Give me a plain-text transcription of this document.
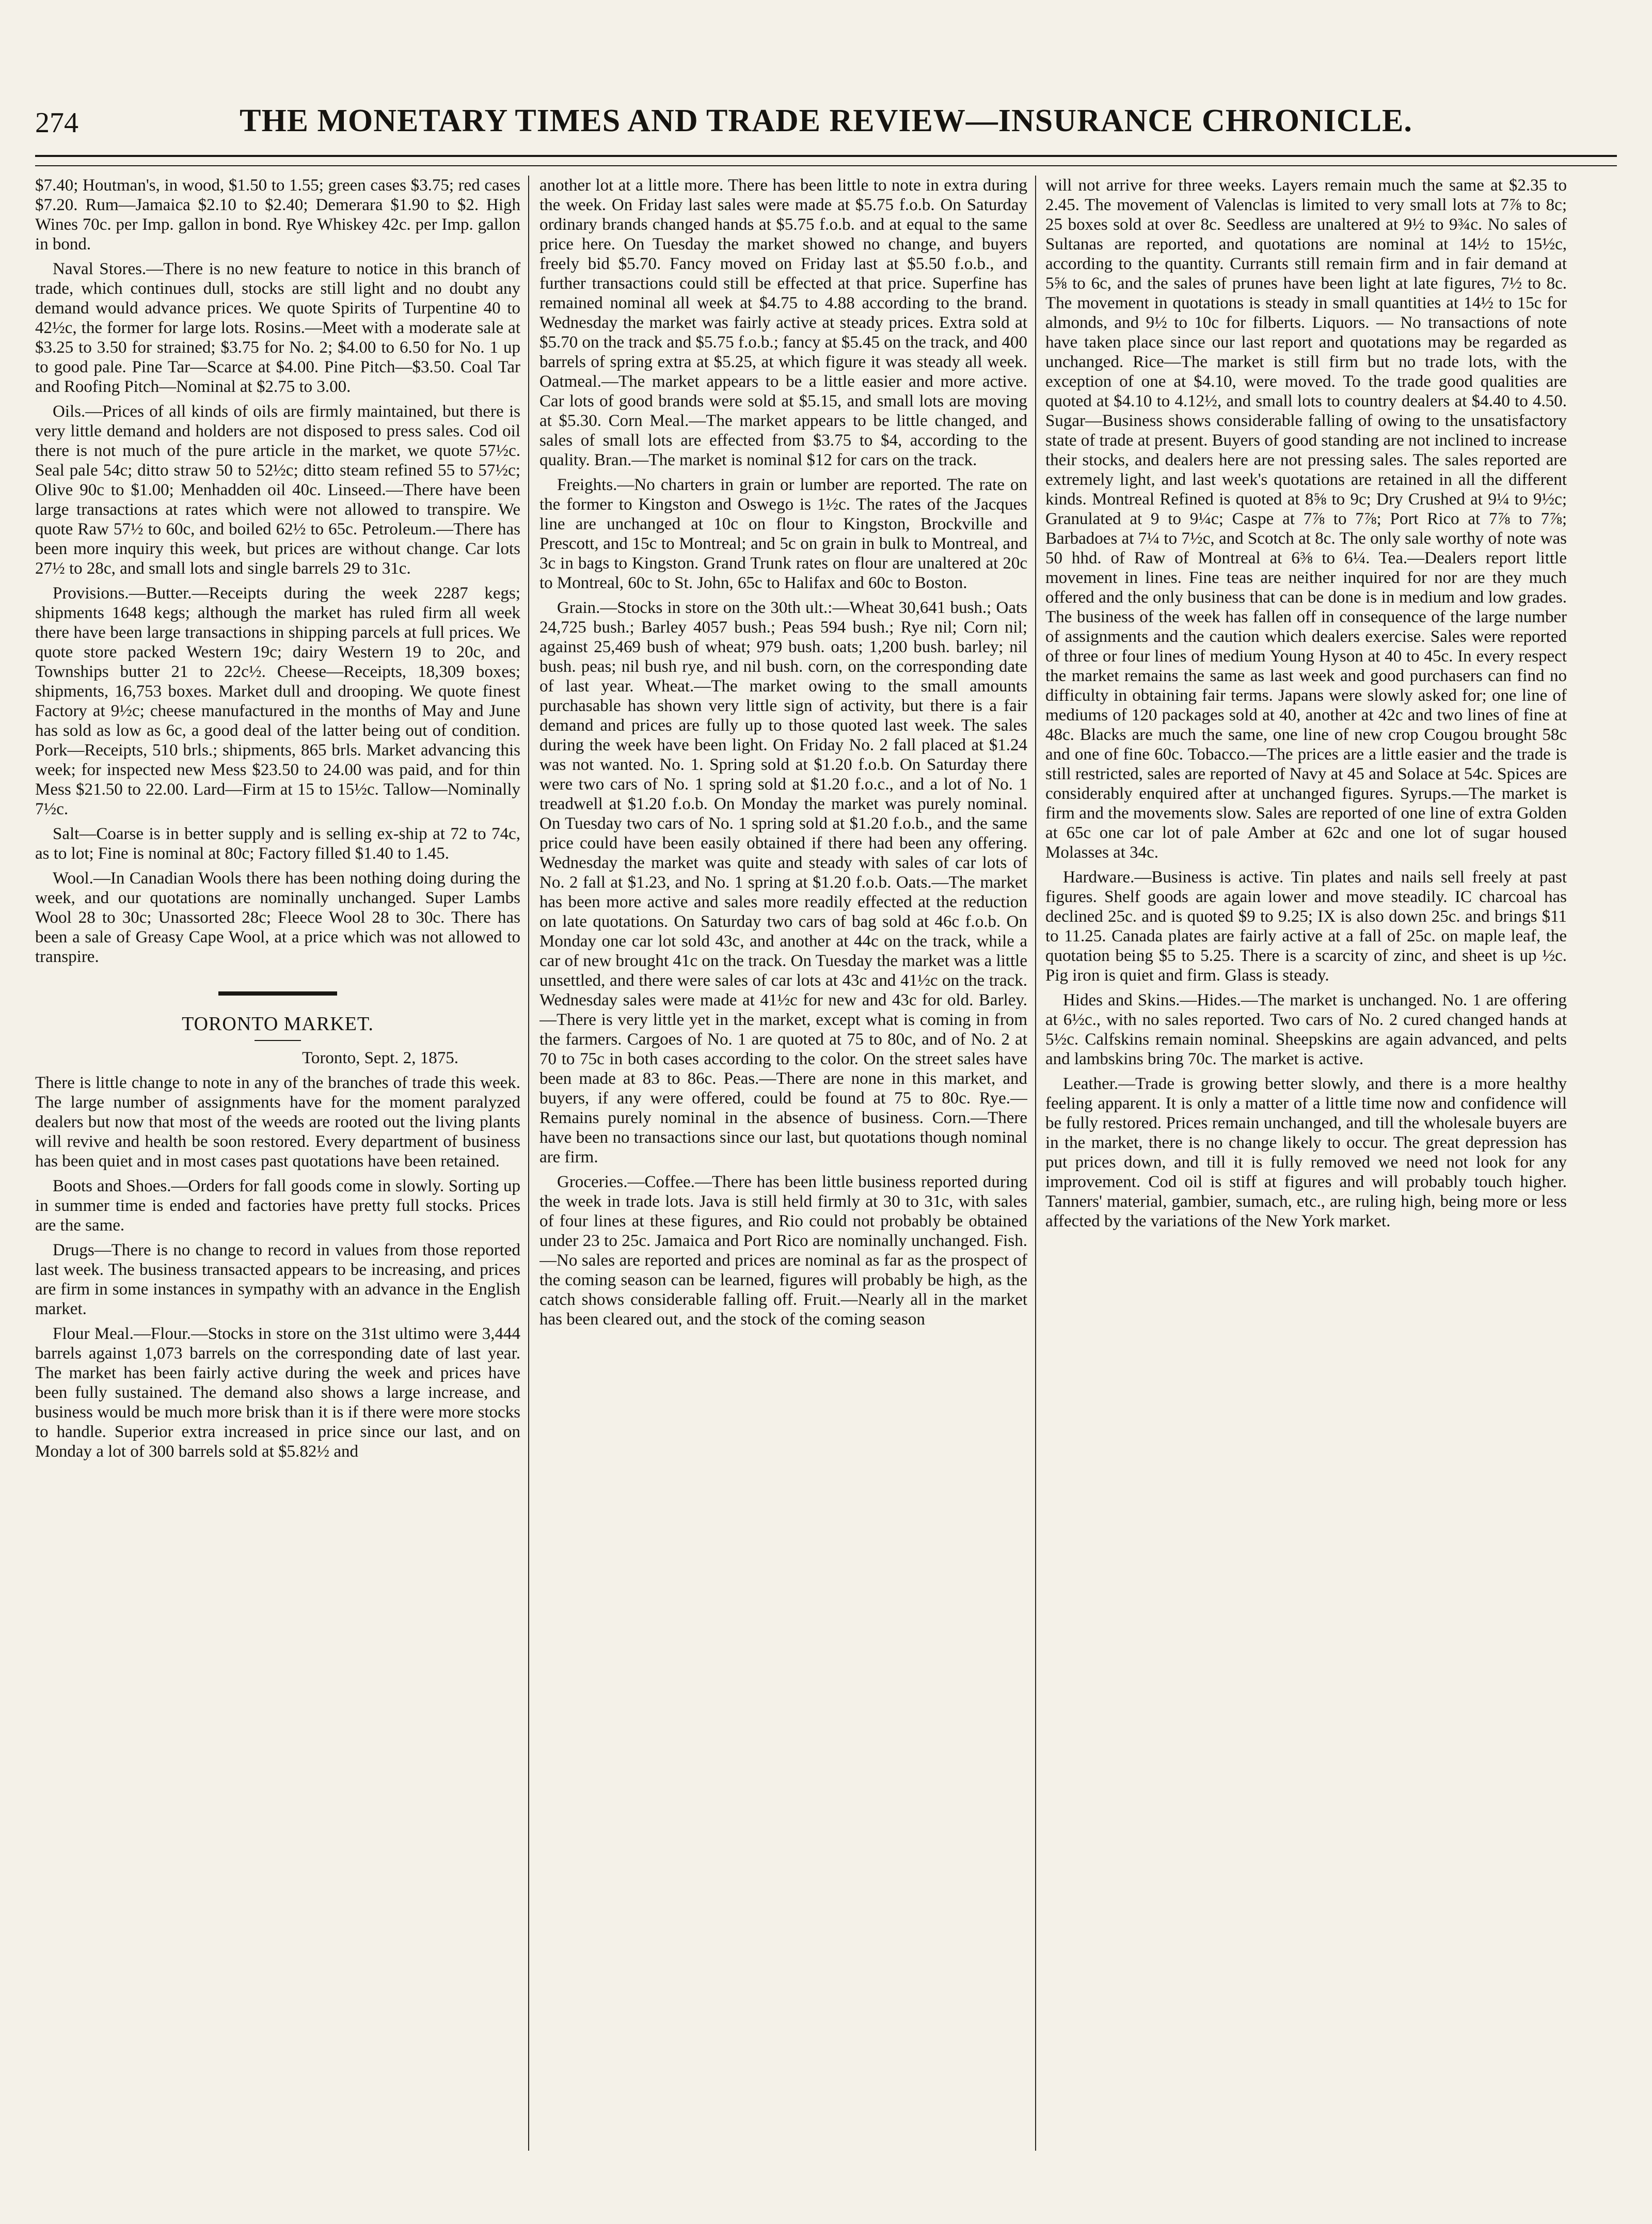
274	THE MONETARY TIMES AND TRADE REVIEW—INSURANCE CHRONICLE.

$7.40; Houtman's, in wood, $1.50 to 1.55; green cases $3.75; red cases $7.20. Rum—Jamaica $2.10 to $2.40; Demerara $1.90 to $2. High Wines 70c. per Imp. gallon in bond. Rye Whiskey 42c. per Imp. gallon in bond.

Naval Stores.—There is no new feature to notice in this branch of trade, which continues dull, stocks are still light and no doubt any demand would advance prices. We quote Spirits of Turpentine 40 to 42½c, the former for large lots. Rosins.—Meet with a moderate sale at $3.25 to 3.50 for strained; $3.75 for No. 2; $4.00 to 6.50 for No. 1 up to good pale. Pine Tar—Scarce at $4.00. Pine Pitch—$3.50. Coal Tar and Roofing Pitch—Nominal at $2.75 to 3.00.

Oils.—Prices of all kinds of oils are firmly maintained, but there is very little demand and holders are not disposed to press sales. Cod oil there is not much of the pure article in the market, we quote 57½c. Seal pale 54c; ditto straw 50 to 52½c; ditto steam refined 55 to 57½c; Olive 90c to $1.00; Menhadden oil 40c. Linseed.—There have been large transactions at rates which were not allowed to transpire. We quote Raw 57½ to 60c, and boiled 62½ to 65c. Petroleum.—There has been more inquiry this week, but prices are without change. Car lots 27½ to 28c, and small lots and single barrels 29 to 31c.

Provisions.—Butter.—Receipts during the week 2287 kegs; shipments 1648 kegs; although the market has ruled firm all week there have been large transactions in shipping parcels at full prices. We quote store packed Western 19c; dairy Western 19 to 20c, and Townships butter 21 to 22c½. Cheese—Receipts, 18,309 boxes; shipments, 16,753 boxes. Market dull and drooping. We quote finest Factory at 9½c; cheese manufactured in the months of May and June has sold as low as 6c, a good deal of the latter being out of condition. Pork—Receipts, 510 brls.; shipments, 865 brls. Market advancing this week; for inspected new Mess $23.50 to 24.00 was paid, and for thin Mess $21.50 to 22.00. Lard—Firm at 15 to 15½c. Tallow—Nominally 7½c.

Salt—Coarse is in better supply and is selling ex-ship at 72 to 74c, as to lot; Fine is nominal at 80c; Factory filled $1.40 to 1.45.

Wool.—In Canadian Wools there has been nothing doing during the week, and our quotations are nominally unchanged. Super Lambs Wool 28 to 30c; Unassorted 28c; Fleece Wool 28 to 30c. There has been a sale of Greasy Cape Wool, at a price which was not allowed to transpire.

TORONTO MARKET.

Toronto, Sept. 2, 1875.

There is little change to note in any of the branches of trade this week. The large number of assignments have for the moment paralyzed dealers but now that most of the weeds are rooted out the living plants will revive and health be soon restored. Every department of business has been quiet and in most cases past quotations have been retained.

Boots and Shoes.—Orders for fall goods come in slowly. Sorting up in summer time is ended and factories have pretty full stocks. Prices are the same.

Drugs—There is no change to record in values from those reported last week. The business transacted appears to be increasing, and prices are firm in some instances in sympathy with an advance in the English market.

Flour Meal.—Flour.—Stocks in store on the 31st ultimo were 3,444 barrels against 1,073 barrels on the corresponding date of last year. The market has been fairly active during the week and prices have been fully sustained. The demand also shows a large increase, and business would be much more brisk than it is if there were more stocks to handle. Superior extra increased in price since our last, and on Monday a lot of 300 barrels sold at $5.82½ and

another lot at a little more. There has been little to note in extra during the week. On Friday last sales were made at $5.75 f.o.b. On Saturday ordinary brands changed hands at $5.75 f.o.b. and at equal to the same price here. On Tuesday the market showed no change, and buyers freely bid $5.70. Fancy moved on Friday last at $5.50 f.o.b., and further transactions could still be effected at that price. Superfine has remained nominal all week at $4.75 to 4.88 according to the brand. Wednesday the market was fairly active at steady prices. Extra sold at $5.70 on the track and $5.75 f.o.b.; fancy at $5.45 on the track, and 400 barrels of spring extra at $5.25, at which figure it was steady all week. Oatmeal.—The market appears to be a little easier and more active. Car lots of good brands were sold at $5.15, and small lots are moving at $5.30. Corn Meal.—The market appears to be little changed, and sales of small lots are effected from $3.75 to $4, according to the quality. Bran.—The market is nominal $12 for cars on the track.

Freights.—No charters in grain or lumber are reported. The rate on the former to Kingston and Oswego is 1½c. The rates of the Jacques line are unchanged at 10c on flour to Kingston, Brockville and Prescott, and 15c to Montreal; and 5c on grain in bulk to Montreal, and 3c in bags to Kingston. Grand Trunk rates on flour are unaltered at 20c to Montreal, 60c to St. John, 65c to Halifax and 60c to Boston.

Grain.—Stocks in store on the 30th ult.:—Wheat 30,641 bush.; Oats 24,725 bush.; Barley 4057 bush.; Peas 594 bush.; Rye nil; Corn nil; against 25,469 bush of wheat; 979 bush. oats; 1,200 bush. barley; nil bush. peas; nil bush rye, and nil bush. corn, on the corresponding date of last year. Wheat.—The market owing to the small amounts purchasable has shown very little sign of activity, but there is a fair demand and prices are fully up to those quoted last week. The sales during the week have been light. On Friday No. 2 fall placed at $1.24 was not wanted. No. 1. Spring sold at $1.20 f.o.b. On Saturday there were two cars of No. 1 spring sold at $1.20 f.o.c., and a lot of No. 1 treadwell at $1.20 f.o.b. On Monday the market was purely nominal. On Tuesday two cars of No. 1 spring sold at $1.20 f.o.b., and the same price could have been easily obtained if there had been any offering. Wednesday the market was quite and steady with sales of car lots of No. 2 fall at $1.23, and No. 1 spring at $1.20 f.o.b. Oats.—The market has been more active and sales more readily effected at the reduction on late quotations. On Saturday two cars of bag sold at 46c f.o.b. On Monday one car lot sold 43c, and another at 44c on the track, while a car of new brought 41c on the track. On Tuesday the market was a little unsettled, and there were sales of car lots at 43c and 41½c on the track. Wednesday sales were made at 41½c for new and 43c for old. Barley.—There is very little yet in the market, except what is coming in from the farmers. Cargoes of No. 1 are quoted at 75 to 80c, and of No. 2 at 70 to 75c in both cases according to the color. On the street sales have been made at 83 to 86c. Peas.—There are none in this market, and buyers, if any were offered, could be found at 75 to 80c. Rye.—Remains purely nominal in the absence of business. Corn.—There have been no transactions since our last, but quotations though nominal are firm.

Groceries.—Coffee.—There has been little business reported during the week in trade lots. Java is still held firmly at 30 to 31c, with sales of four lines at these figures, and Rio could not probably be obtained under 23 to 25c. Jamaica and Port Rico are nominally unchanged. Fish.—No sales are reported and prices are nominal as far as the prospect of the coming season can be learned, figures will probably be high, as the catch shows considerable falling off. Fruit.—Nearly all in the market has been cleared out, and the stock of the coming season

will not arrive for three weeks. Layers remain much the same at $2.35 to 2.45. The movement of Valenclas is limited to very small lots at 7⅞ to 8c; 25 boxes sold at over 8c. Seedless are unaltered at 9½ to 9¾c. No sales of Sultanas are reported, and quotations are nominal at 14½ to 15½c, according to the quantity. Currants still remain firm and in fair demand at 5⅝ to 6c, and the sales of prunes have been light at late figures, 7½ to 8c. The movement in quotations is steady in small quantities at 14½ to 15c for almonds, and 9½ to 10c for filberts. Liquors. — No transactions of note have taken place since our last report and quotations may be regarded as unchanged. Rice—The market is still firm but no trade lots, with the exception of one at $4.10, were moved. To the trade good qualities are quoted at $4.10 to 4.12½, and small lots to country dealers at $4.40 to 4.50. Sugar—Business shows considerable falling of owing to the unsatisfactory state of trade at present. Buyers of good standing are not inclined to increase their stocks, and dealers here are not pressing sales. The sales reported are extremely light, and last week's quotations are retained in all the different kinds. Montreal Refined is quoted at 8⅝ to 9c; Dry Crushed at 9¼ to 9½c; Granulated at 9 to 9¼c; Caspe at 7⅞ to 7⅞; Port Rico at 7⅞ to 7⅞; Barbadoes at 7¼ to 7½c, and Scotch at 8c. The only sale worthy of note was 50 hhd. of Raw of Montreal at 6⅜ to 6¼. Tea.—Dealers report little movement in lines. Fine teas are neither inquired for nor are they much offered and the only business that can be done is in medium and low grades. The business of the week has fallen off in consequence of the large number of assignments and the caution which dealers exercise. Sales were reported of three or four lines of medium Young Hyson at 40 to 45c. In every respect the market remains the same as last week and good purchasers can find no difficulty in obtaining fair terms. Japans were slowly asked for; one line of mediums of 120 packages sold at 40, another at 42c and two lines of fine at 48c. Blacks are much the same, one line of new crop Cougou brought 58c and one of fine 60c. Tobacco.—The prices are a little easier and the trade is still restricted, sales are reported of Navy at 45 and Solace at 54c. Spices are considerably enquired after at unchanged figures. Syrups.—The market is firm and the movements slow. Sales are reported of one line of extra Golden at 65c one car lot of pale Amber at 62c and one lot of sugar housed Molasses at 34c.

Hardware.—Business is active. Tin plates and nails sell freely at past figures. Shelf goods are again lower and move steadily. IC charcoal has declined 25c. and is quoted $9 to 9.25; IX is also down 25c. and brings $11 to 11.25. Canada plates are fairly active at a fall of 25c. on maple leaf, the quotation being $5 to 5.25. There is a scarcity of zinc, and sheet is up ½c. Pig iron is quiet and firm. Glass is steady.

Hides and Skins.—Hides.—The market is unchanged. No. 1 are offering at 6½c., with no sales reported. Two cars of No. 2 cured changed hands at 5½c. Calfskins remain nominal. Sheepskins are again advanced, and pelts and lambskins bring 70c. The market is active.

Leather.—Trade is growing better slowly, and there is a more healthy feeling apparent. It is only a matter of a little time now and confidence will be fully restored. Prices remain unchanged, and till the wholesale buyers are in the market, there is no change likely to occur. The great depression has put prices down, and till it is fully removed we need not look for any improvement. Cod oil is stiff at figures and will probably touch higher. Tanners' material, gambier, sumach, etc., are ruling high, being more or less affected by the variations of the New York market.
